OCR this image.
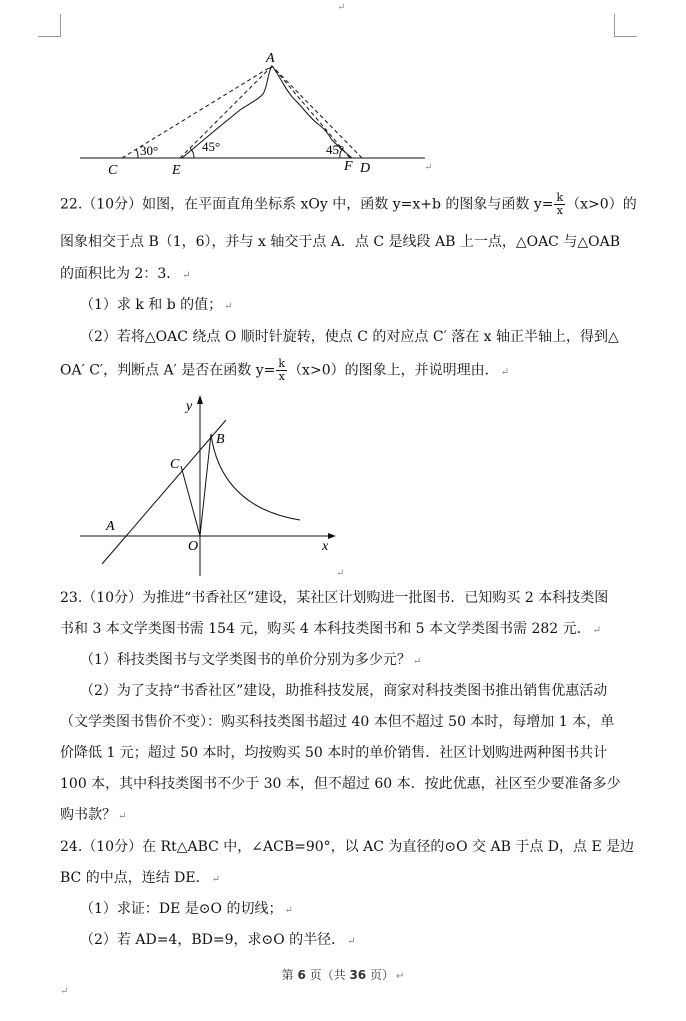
↵
A
C	E	F D
30°	45°	45°
↵
22.（10分）如图，在平面直角坐标系 xOy 中，函数 y=x+b 的图象与函数 $y= \frac{k}{x} (x>0)$的
图象相交于点 B（1，6），并与 x 轴交于点 A．点 C 是线段 AB 上一点，△OAC 与△OAB
的面积比为 2：3． ↵
（1）求 k 和 b 的值； ↵
（2）若将△OAC 绕点 O 顺时针旋转，使点 C 的对应点 C′ 落在 x 轴正半轴上，得到△
OA′ C′，判断点 A′ 是否在函数 $y= \frac{k}{x} (x>0)$的图象上，并说明理由． ↵
y
x
B
C
A
O
↵
23.（10分）为推进“书香社区”建设，某社区计划购进一批图书．已知购买 2 本科技类图
书和 3 本文学类图书需 154 元，购买 4 本科技类图书和 5 本文学类图书需 282 元． ↵
（1）科技类图书与文学类图书的单价分别为多少元？ ↵
（2）为了支持“书香社区”建设，助推科技发展，商家对科技类图书推出销售优惠活动
（文学类图书售价不变）：购买科技类图书超过 40 本但不超过 50 本时，每增加 1 本，单
价降低 1 元；超过 50 本时，均按购买 50 本时的单价销售．社区计划购进两种图书共计
100 本，其中科技类图书不少于 30 本，但不超过 60 本．按此优惠，社区至少要准备多少
购书款？ ↵
24.（10分）在 Rt△ABC 中，∠ACB=90°，以 AC 为直径的⊙O 交 AB 于点 D，点 E 是边
BC 的中点，连结 DE． ↵
（1）求证：DE 是⊙O 的切线； ↵
（2）若 AD=4，BD=9，求⊙O 的半径． ↵
第 6 页（共 36 页） ↵
↵
